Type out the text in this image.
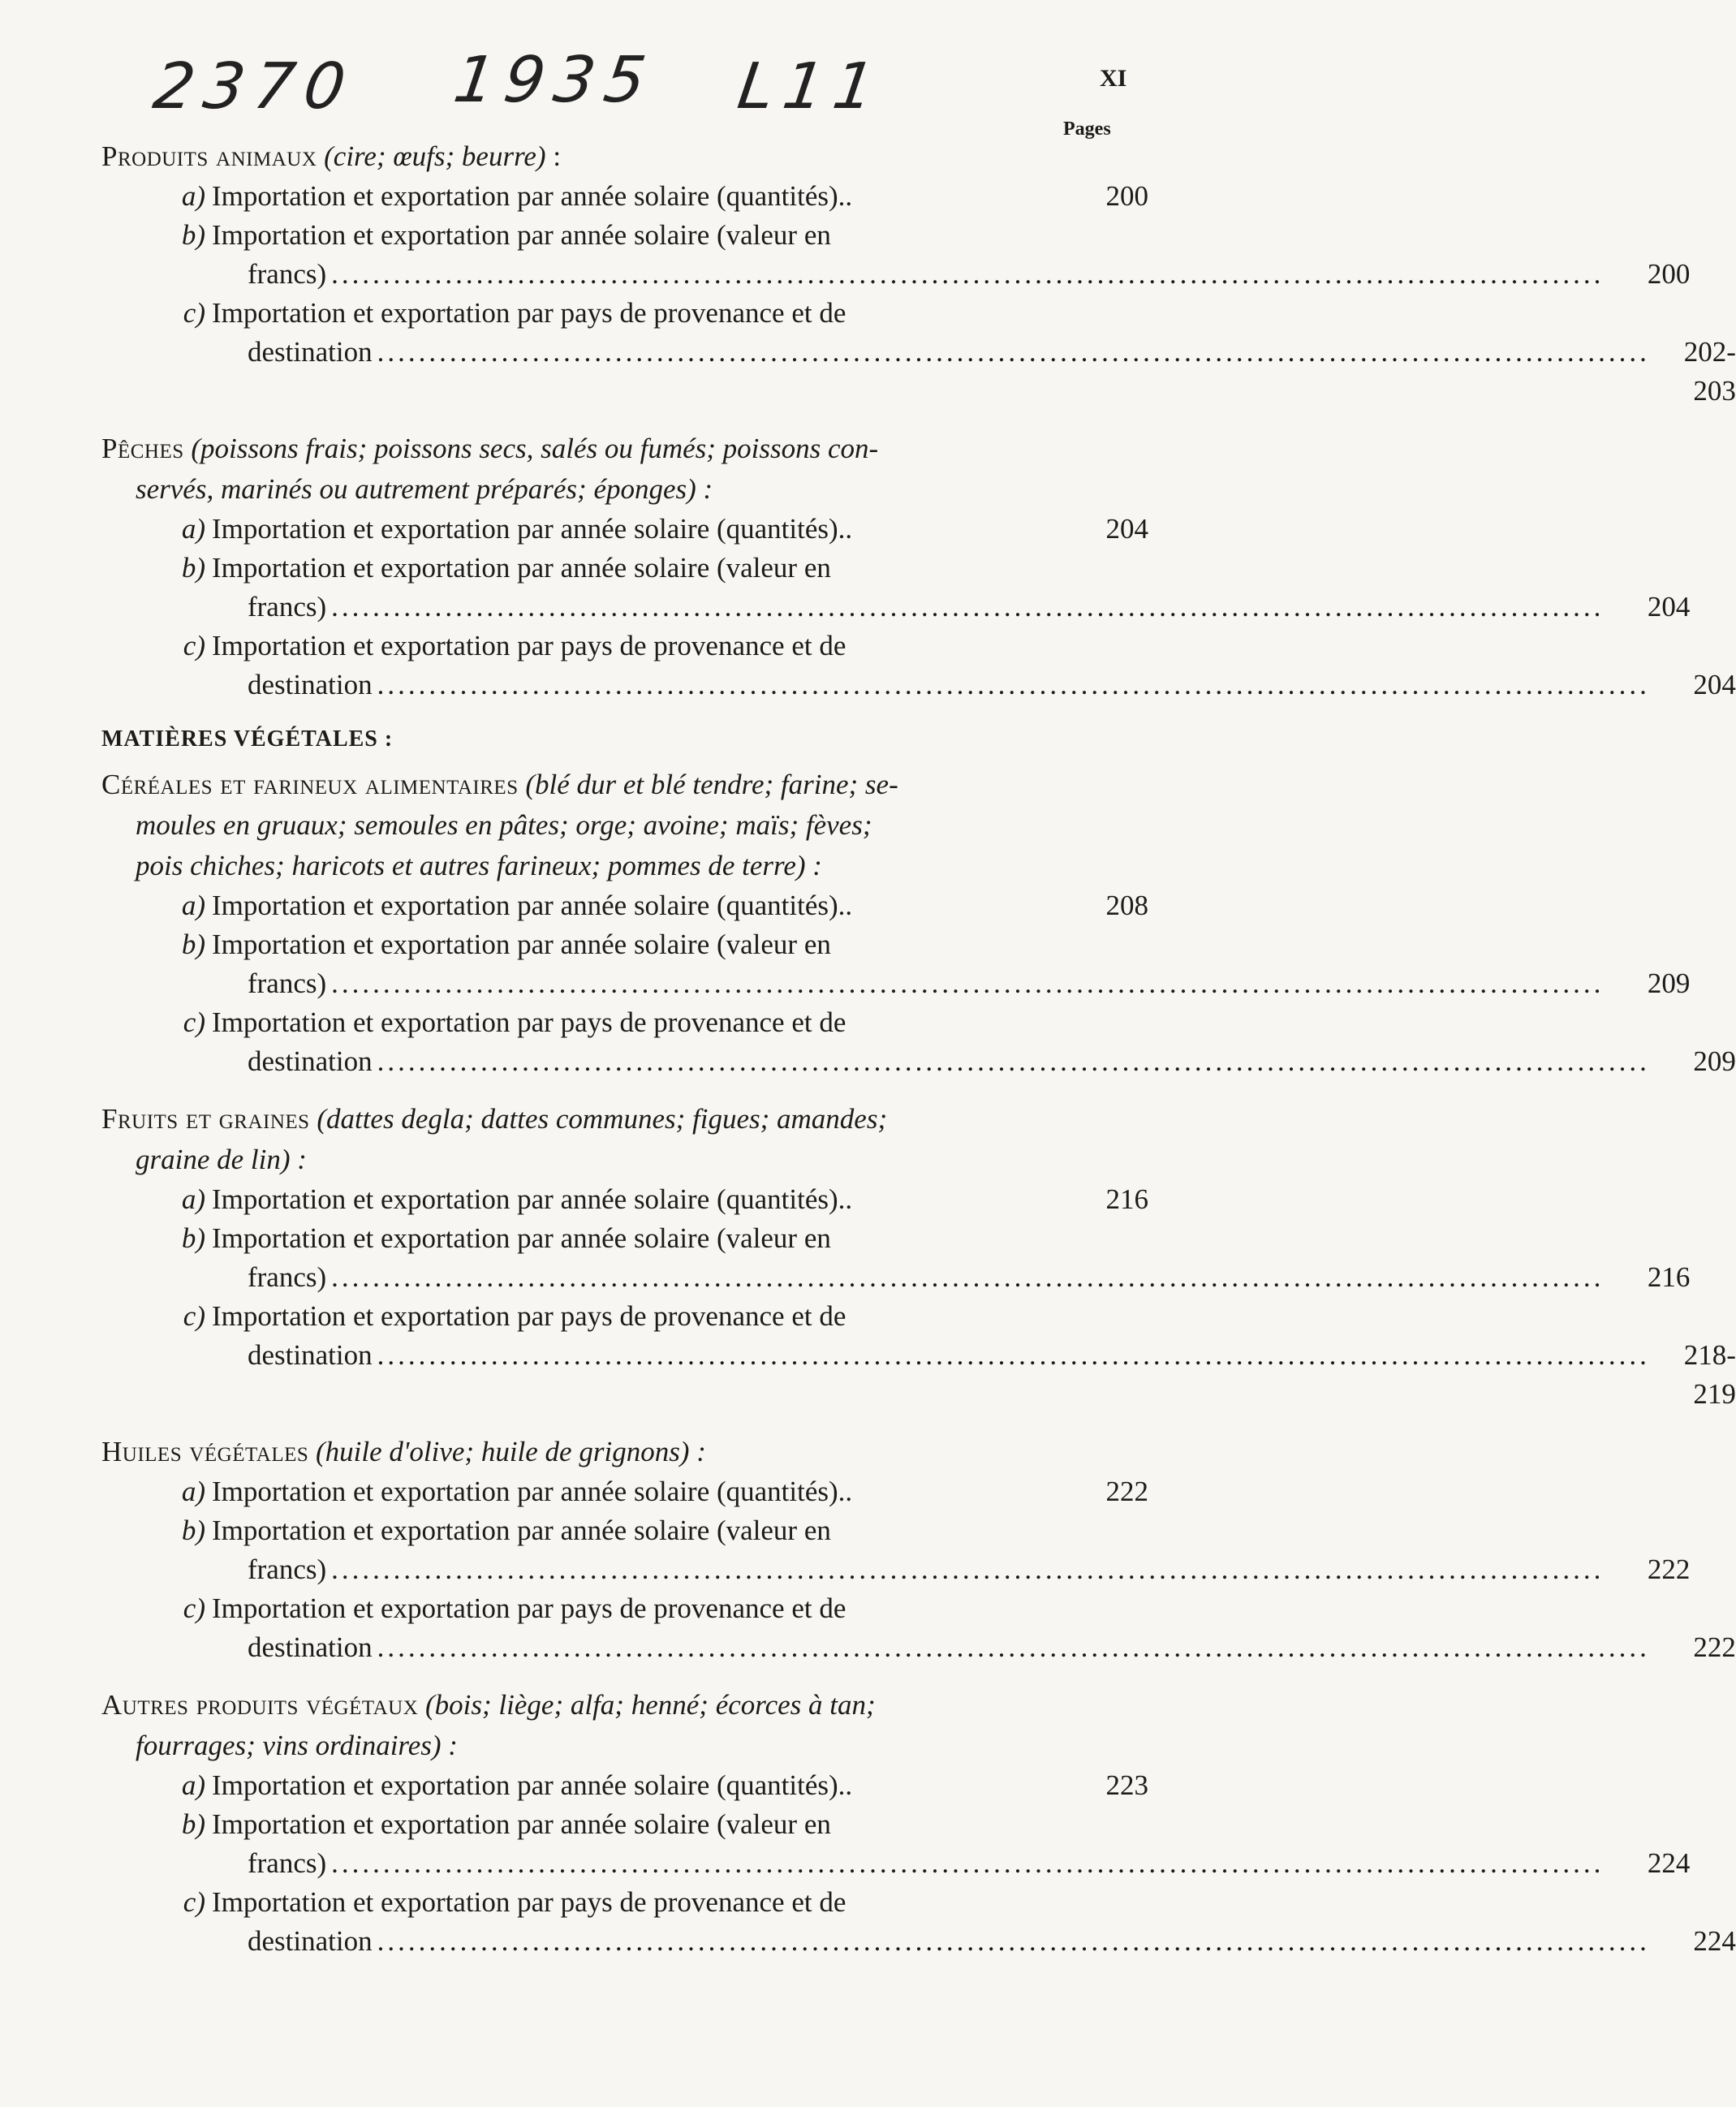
2370 1935 L11	XI
Pages
Produits animaux (cire; œufs; beurre) :
a) Importation et exportation par année solaire (quantités)..	200
b) Importation et exportation par année solaire (valeur en
francs) ...........................................................................................................................	200
c) Importation et exportation par pays de provenance et de
destination ...........................................................................................................................	202-203
Pêches (poissons frais; poissons secs, salés ou fumés; poissons con-
servés, marinés ou autrement préparés; éponges) :
a) Importation et exportation par année solaire (quantités)..	204
b) Importation et exportation par année solaire (valeur en
francs) ...........................................................................................................................	204
c) Importation et exportation par pays de provenance et de
destination ...........................................................................................................................	204
MATIÈRES VÉGÉTALES :
Céréales et farineux alimentaires (blé dur et blé tendre; farine; se-
moules en gruaux; semoules en pâtes; orge; avoine; maïs; fèves;
pois chiches; haricots et autres farineux; pommes de terre) :
a) Importation et exportation par année solaire (quantités)..	208
b) Importation et exportation par année solaire (valeur en
francs) ...........................................................................................................................	209
c) Importation et exportation par pays de provenance et de
destination ...........................................................................................................................	209
Fruits et graines (dattes degla; dattes communes; figues; amandes;
graine de lin) :
a) Importation et exportation par année solaire (quantités)..	216
b) Importation et exportation par année solaire (valeur en
francs) ...........................................................................................................................	216
c) Importation et exportation par pays de provenance et de
destination ...........................................................................................................................	218-219
Huiles végétales (huile d'olive; huile de grignons) :
a) Importation et exportation par année solaire (quantités)..	222
b) Importation et exportation par année solaire (valeur en
francs) ...........................................................................................................................	222
c) Importation et exportation par pays de provenance et de
destination ...........................................................................................................................	222
Autres produits végétaux (bois; liège; alfa; henné; écorces à tan;
fourrages; vins ordinaires) :
a) Importation et exportation par année solaire (quantités)..	223
b) Importation et exportation par année solaire (valeur en
francs) ...........................................................................................................................	224
c) Importation et exportation par pays de provenance et de
destination ...........................................................................................................................	224
